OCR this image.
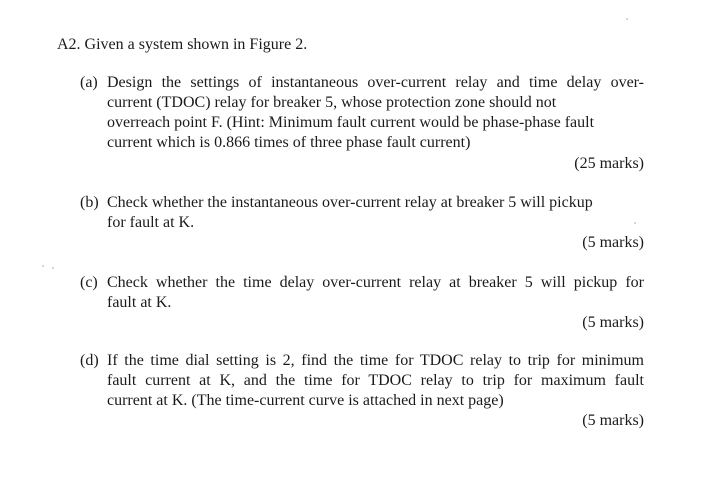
A2. Given a system shown in Figure 2.
(a) Design the settings of instantaneous over-current relay and time delay over-
current (TDOC) relay for breaker 5, whose protection zone should not
overreach point F. (Hint: Minimum fault current would be phase-phase fault
current which is 0.866 times of three phase fault current)
(25 marks)
(b) Check whether the instantaneous over-current relay at breaker 5 will pickup
for fault at K.
(5 marks)
(c) Check whether the time delay over-current relay at breaker 5 will pickup for
fault at K.
(5 marks)
(d) If the time dial setting is 2, find the time for TDOC relay to trip for minimum
fault current at K, and the time for TDOC relay to trip for maximum fault
current at K. (The time-current curve is attached in next page)
(5 marks)
